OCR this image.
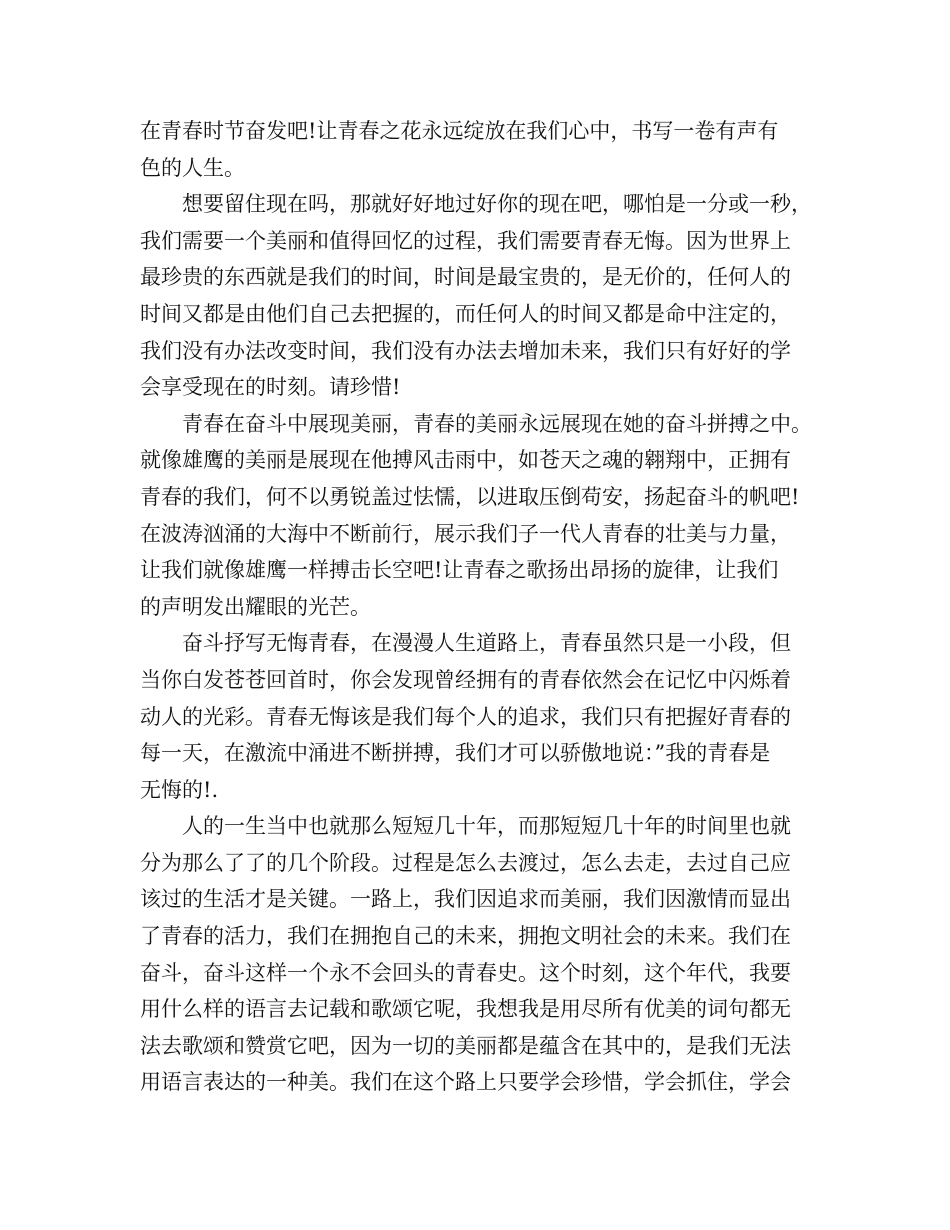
在青春时节奋发吧!让青春之花永远绽放在我们心中，书写一卷有声有
色的人生。
想要留住现在吗，那就好好地过好你的现在吧，哪怕是一分或一秒，
我们需要一个美丽和值得回忆的过程，我们需要青春无悔。因为世界上
最珍贵的东西就是我们的时间，时间是最宝贵的，是无价的，任何人的
时间又都是由他们自己去把握的，而任何人的时间又都是命中注定的，
我们没有办法改变时间，我们没有办法去增加未来，我们只有好好的学
会享受现在的时刻。请珍惜!
青春在奋斗中展现美丽，青春的美丽永远展现在她的奋斗拼搏之中。
就像雄鹰的美丽是展现在他搏风击雨中，如苍天之魂的翱翔中，正拥有
青春的我们，何不以勇锐盖过怯懦，以进取压倒苟安，扬起奋斗的帆吧!
在波涛汹涌的大海中不断前行，展示我们子一代人青春的壮美与力量，
让我们就像雄鹰一样搏击长空吧!让青春之歌扬出昂扬的旋律，让我们
的声明发出耀眼的光芒。
奋斗抒写无悔青春，在漫漫人生道路上，青春虽然只是一小段，但
当你白发苍苍回首时，你会发现曾经拥有的青春依然会在记忆中闪烁着
动人的光彩。青春无悔该是我们每个人的追求，我们只有把握好青春的
每一天，在激流中涌进不断拼搏，我们才可以骄傲地说：”我的青春是
无悔的!.
人的一生当中也就那么短短几十年，而那短短几十年的时间里也就
分为那么了了的几个阶段。过程是怎么去渡过，怎么去走，去过自己应
该过的生活才是关键。一路上，我们因追求而美丽，我们因激情而显出
了青春的活力，我们在拥抱自己的未来，拥抱文明社会的未来。我们在
奋斗，奋斗这样一个永不会回头的青春史。这个时刻，这个年代，我要
用什么样的语言去记载和歌颂它呢，我想我是用尽所有优美的词句都无
法去歌颂和赞赏它吧，因为一切的美丽都是蕴含在其中的，是我们无法
用语言表达的一种美。我们在这个路上只要学会珍惜，学会抓住，学会
